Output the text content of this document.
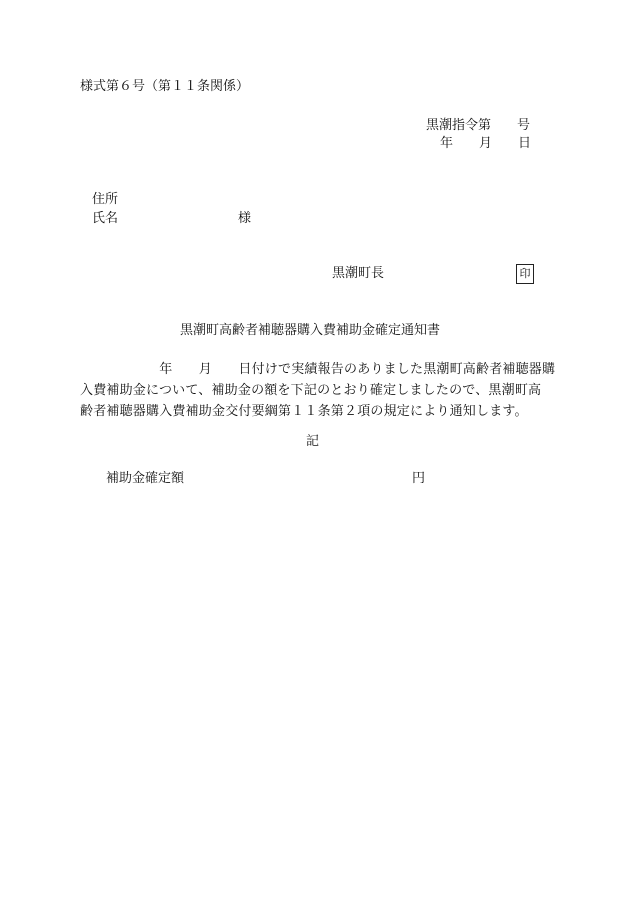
様式第６号（第１１条関係）
黒潮指令第　　号
年　　月　　日
住所
氏名	様
黒潮町長	印
黒潮町高齢者補聴器購入費補助金確定通知書
　　　　　　年　　月　　日付けで実績報告のありました黒潮町高齢者補聴器購
入費補助金について、補助金の額を下記のとおり確定しましたので、黒潮町高
齢者補聴器購入費補助金交付要綱第１１条第２項の規定により通知します。
記
補助金確定額	円
